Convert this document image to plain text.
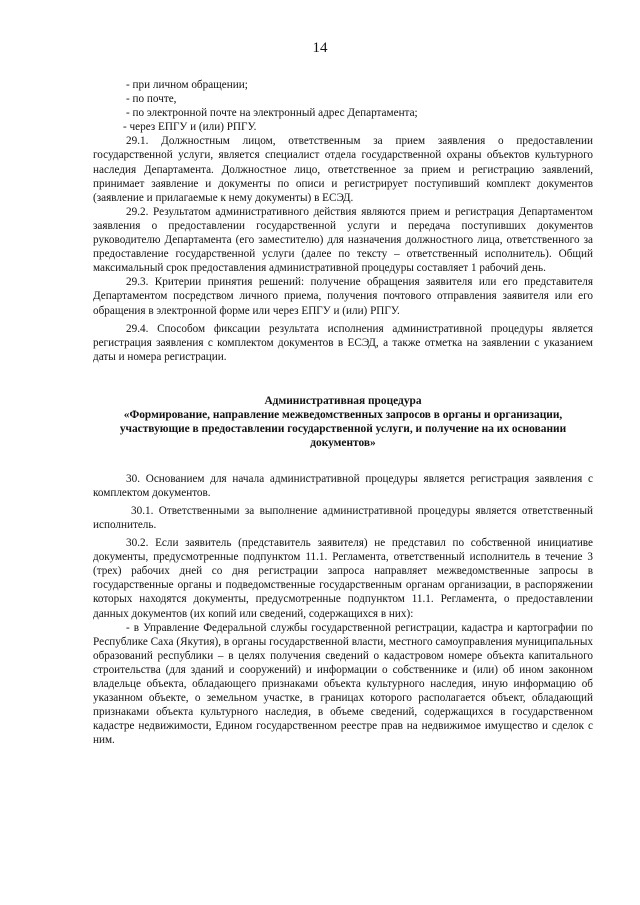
14

- при личном обращении;

- по почте,

- по электронной почте на электронный адрес Департамента;

- через ЕПГУ и (или) РПГУ.

29.1. Должностным лицом, ответственным за прием заявления о предоставлении государственной услуги, является специалист отдела государственной охраны объектов культурного наследия Департамента. Должностное лицо, ответственное за прием и регистрацию заявлений, принимает заявление и документы по описи и регистрирует поступивший комплект документов (заявление и прилагаемые к нему документы) в ЕСЭД.

29.2. Результатом административного действия являются прием и регистрация Департаментом заявления о предоставлении государственной услуги и передача поступивших документов руководителю Департамента (его заместителю) для назначения должностного лица, ответственного за предоставление государственной услуги (далее по тексту – ответственный исполнитель). Общий максимальный срок предоставления административной процедуры составляет 1 рабочий день.

29.3. Критерии принятия решений: получение обращения заявителя или его представителя Департаментом посредством личного приема, получения почтового отправления заявителя или его обращения в электронной форме или через ЕПГУ и (или) РПГУ.

29.4. Способом фиксации результата исполнения административной процедуры является регистрация заявления с комплектом документов в ЕСЭД, а также отметка на заявлении с указанием даты и номера регистрации.

Административная процедура
«Формирование, направление межведомственных запросов в органы и организации, участвующие в предоставлении государственной услуги, и получение на их основании документов»

30. Основанием для начала административной процедуры является регистрация заявления с комплектом документов.

30.1. Ответственными за выполнение административной процедуры является ответственный исполнитель.

30.2. Если заявитель (представитель заявителя) не представил по собственной инициативе документы, предусмотренные подпунктом 11.1. Регламента, ответственный исполнитель в течение 3 (трех) рабочих дней со дня регистрации запроса направляет межведомственные запросы в государственные органы и подведомственные государственным органам организации, в распоряжении которых находятся документы, предусмотренные подпунктом 11.1. Регламента, о предоставлении данных документов (их копий или сведений, содержащихся в них):

- в Управление Федеральной службы государственной регистрации, кадастра и картографии по Республике Саха (Якутия), в органы государственной власти, местного самоуправления муниципальных образований республики – в целях получения сведений о кадастровом номере объекта капитального строительства (для зданий и сооружений) и информации о собственнике и (или) об ином законном владельце объекта, обладающего признаками объекта культурного наследия, иную информацию об указанном объекте, о земельном участке, в границах которого располагается объект, обладающий признаками объекта культурного наследия, в объеме сведений, содержащихся в государственном кадастре недвижимости, Едином государственном реестре прав на недвижимое имущество и сделок с ним.
